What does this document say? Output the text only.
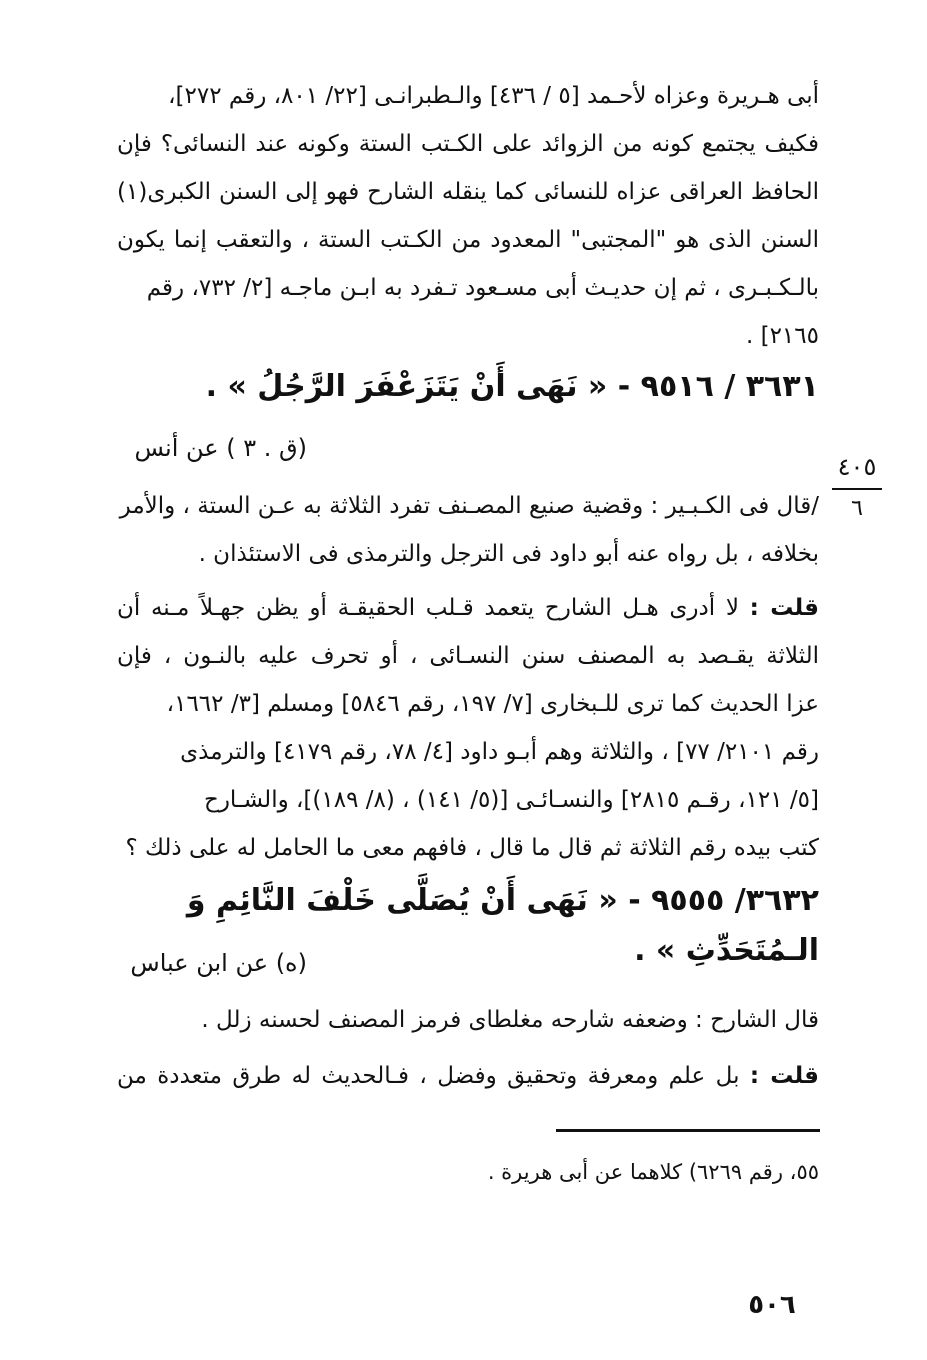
أبى هـريرة وعزاه لأحـمد [٥ / ٤٣٦] والـطبرانـى [٢٢/ ٨٠١، رقم ٢٧٢]،
فكيف يجتمع كونه من الزوائد على الكـتب الستة وكونه عند النسائى؟ فإن
الحافظ العراقى عزاه للنسائى كما ينقله الشارح فهو إلى السنن الكبرى(١)
السنن الذى هو "المجتبى" المعدود من الكـتب الستة ، والتعقب إنما يكون
بالـكـبـرى ، ثم إن حديـث أبى مسـعود تـفرد به ابـن ماجـه [٢/ ٧٣٢، رقم
٢١٦٥] .
٣٦٣١ / ٩٥١٦ - « نَهَى أَنْ يَتَزَعْفَرَ الرَّجُلُ » .
(ق . ٣ ) عن أنس
٤٠٥
٦
/قال فى الكـبـير : وقضية صنيع المصـنف تفرد الثلاثة به عـن الستة ، والأمر
بخلافه ، بل رواه عنه أبو داود فى الترجل والترمذى فى الاستئذان .
قلت : لا أدرى هـل الشارح يتعمد قـلب الحقيقـة أو يظن جهـلاً مـنه أن
الثلاثة يقـصد به المصنف سنن النسـائى ، أو تحرف عليه بالنـون ، فإن
عزا الحديث كما ترى للـبخارى [٧/ ١٩٧، رقم ٥٨٤٦] ومسلم [٣/ ١٦٦٢،
رقم ٢١٠١/ ٧٧] ، والثلاثة وهم أبـو داود [٤/ ٧٨، رقم ٤١٧٩] والترمذى
[٥/ ١٢١، رقـم ٢٨١٥] والنسـائـى [(٥/ ١٤١) ، (٨/ ١٨٩)]، والشـارح
كتب بيده رقم الثلاثة ثم قال ما قال ، فافهم معى ما الحامل له على ذلك ؟
٣٦٣٢/ ٩٥٥٥ - « نَهَى أَنْ يُصَلَّى خَلْفَ النَّائِمِ وَ الـمُتَحَدِّثِ » .
(ه) عن ابن عباس
قال الشارح : وضعفه شارحه مغلطاى فرمز المصنف لحسنه زلل .
قلت : بل علم ومعرفة وتحقيق وفضل ، فـالحديث له طرق متعددة من
٥٥، رقم ٦٢٦٩) كلاهما عن أبى هريرة .
٥٠٦
